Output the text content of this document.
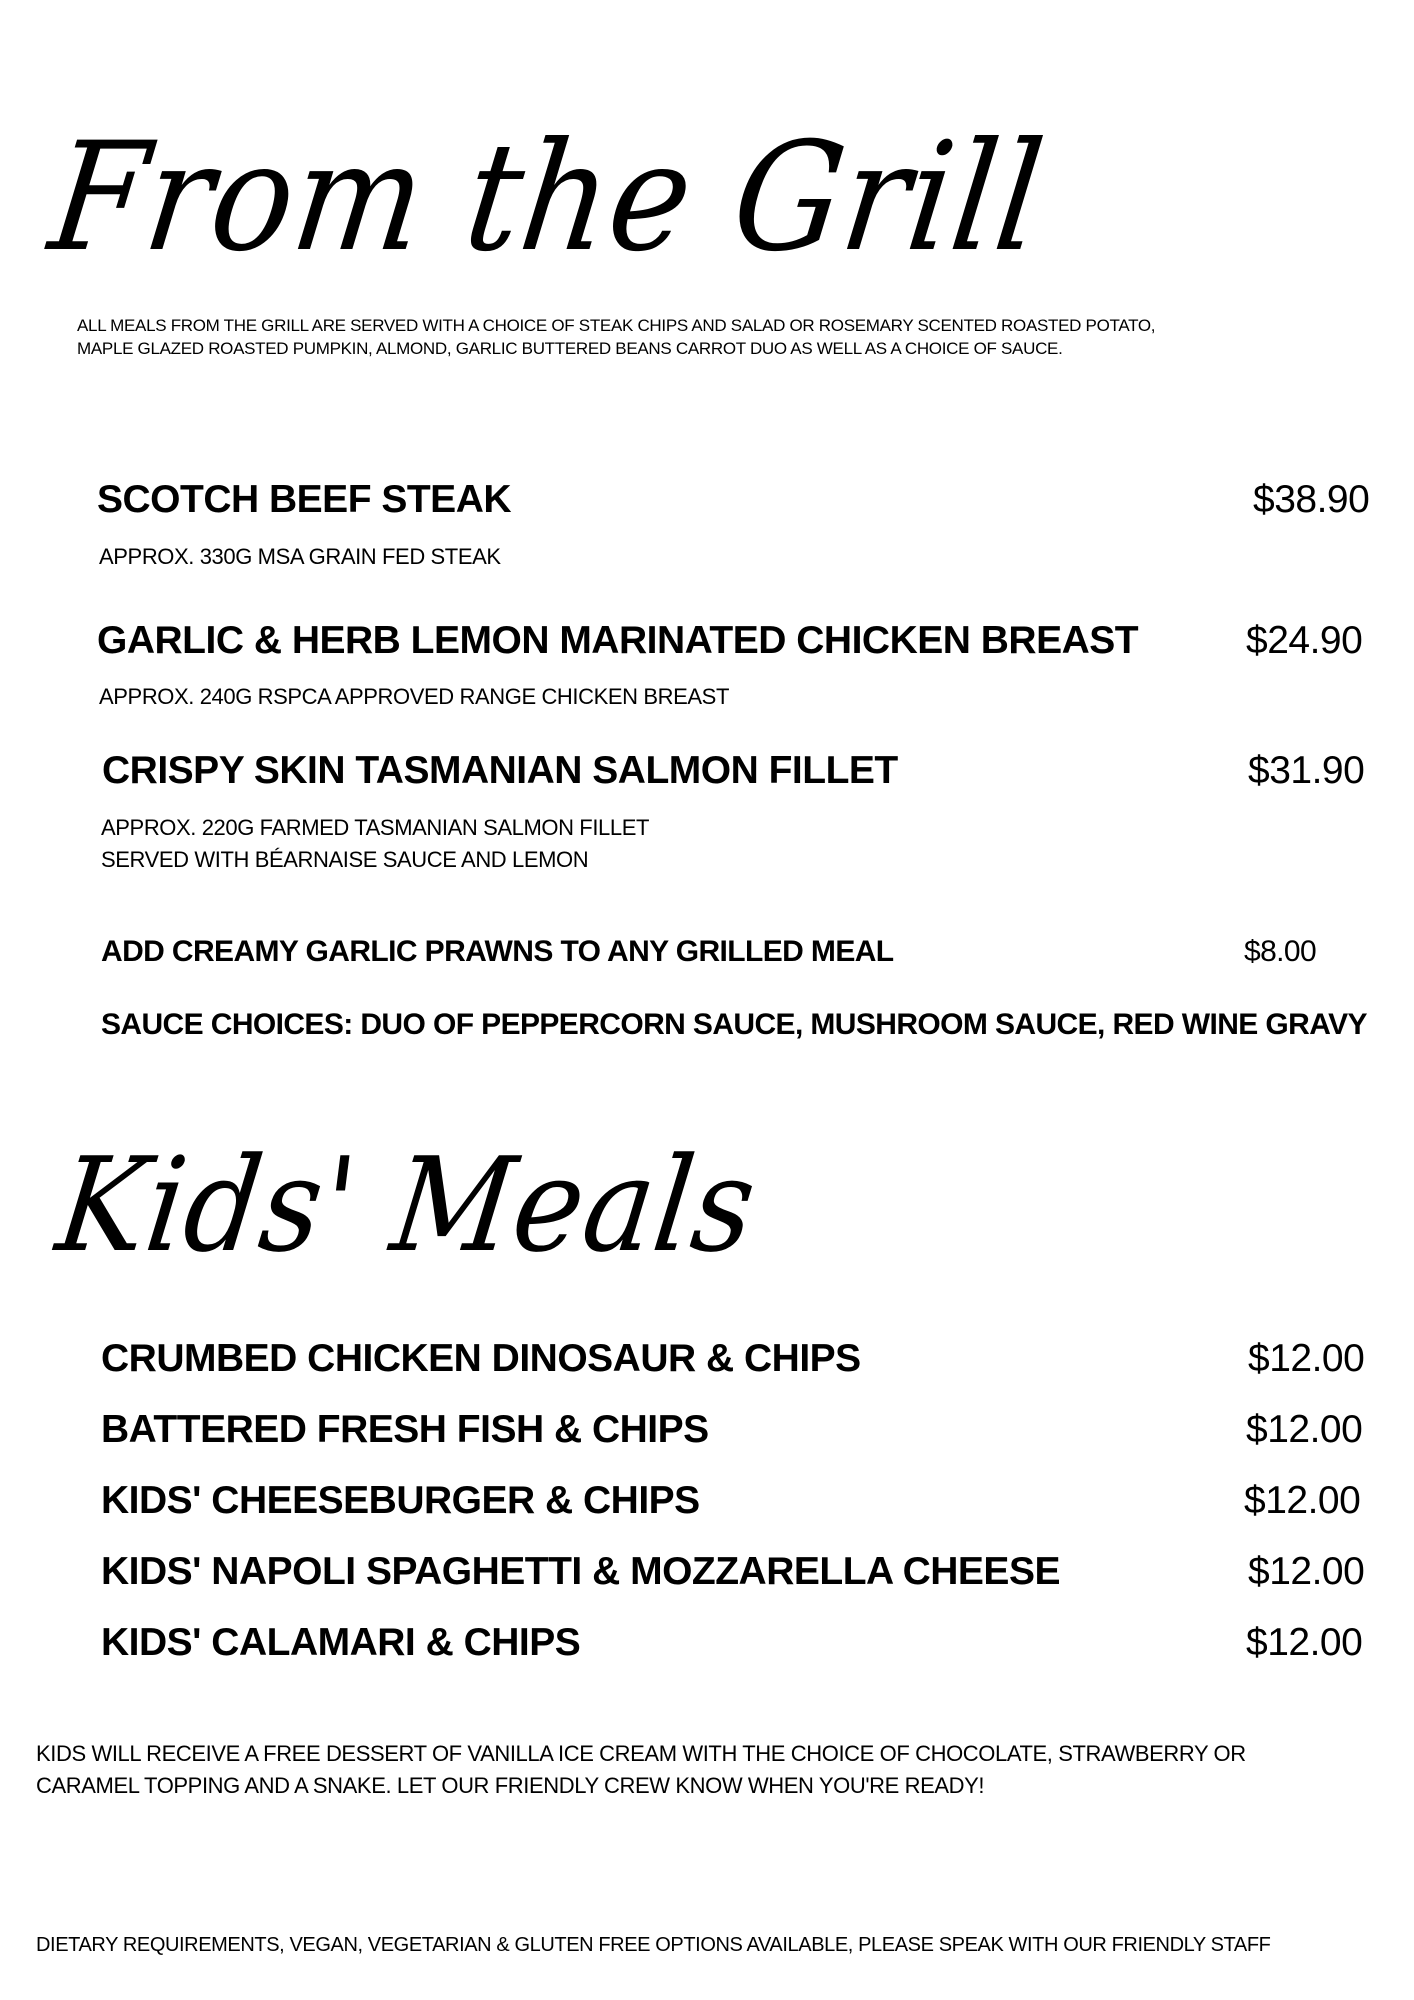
From the Grill
ALL MEALS FROM THE GRILL ARE SERVED WITH A CHOICE OF STEAK CHIPS AND SALAD OR ROSEMARY SCENTED ROASTED POTATO,
MAPLE GLAZED ROASTED PUMPKIN, ALMOND, GARLIC BUTTERED BEANS CARROT DUO AS WELL AS A CHOICE OF SAUCE.
SCOTCH BEEF STEAK	$38.90
APPROX. 330G MSA GRAIN FED STEAK
GARLIC & HERB LEMON MARINATED CHICKEN BREAST	$24.90
APPROX. 240G RSPCA APPROVED RANGE CHICKEN BREAST
CRISPY SKIN TASMANIAN SALMON FILLET	$31.90
APPROX. 220G FARMED TASMANIAN SALMON FILLET
SERVED WITH BÉARNAISE SAUCE AND LEMON
ADD CREAMY GARLIC PRAWNS TO ANY GRILLED MEAL	$8.00
SAUCE CHOICES: DUO OF PEPPERCORN SAUCE, MUSHROOM SAUCE, RED WINE GRAVY
Kids' Meals
CRUMBED CHICKEN DINOSAUR & CHIPS	$12.00
BATTERED FRESH FISH & CHIPS	$12.00
KIDS' CHEESEBURGER & CHIPS	$12.00
KIDS' NAPOLI SPAGHETTI & MOZZARELLA CHEESE	$12.00
KIDS' CALAMARI & CHIPS	$12.00
KIDS WILL RECEIVE A FREE DESSERT OF VANILLA ICE CREAM WITH THE CHOICE OF CHOCOLATE, STRAWBERRY OR
CARAMEL TOPPING AND A SNAKE. LET OUR FRIENDLY CREW KNOW WHEN YOU'RE READY!
DIETARY REQUIREMENTS, VEGAN, VEGETARIAN & GLUTEN FREE OPTIONS AVAILABLE, PLEASE SPEAK WITH OUR FRIENDLY STAFF
